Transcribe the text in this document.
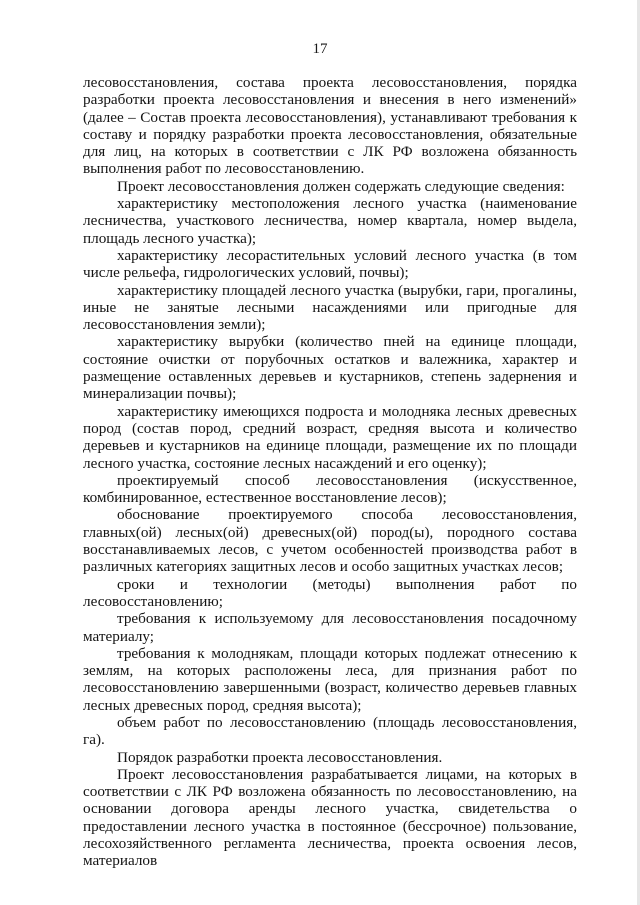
17

лесовосстановления, состава проекта лесовосстановления, порядка разработки проекта лесовосстановления и внесения в него изменений» (далее – Состав проекта лесовосстановления), устанавливают требования к составу и порядку разработки проекта лесовосстановления, обязательные для лиц, на которых в соответствии с ЛК РФ возложена обязанность выполнения работ по лесовосстановлению.

Проект лесовосстановления должен содержать следующие сведения:

характеристику местоположения лесного участка (наименование лесничества, участкового лесничества, номер квартала, номер выдела, площадь лесного участка);

характеристику лесорастительных условий лесного участка (в том числе рельефа, гидрологических условий, почвы);

характеристику площадей лесного участка (вырубки, гари, прогалины, иные не занятые лесными насаждениями или пригодные для лесовосстановления земли);

характеристику вырубки (количество пней на единице площади, состояние очистки от порубочных остатков и валежника, характер и размещение оставленных деревьев и кустарников, степень задернения и минерализации почвы);

характеристику имеющихся подроста и молодняка лесных древесных пород (состав пород, средний возраст, средняя высота и количество деревьев и кустарников на единице площади, размещение их по площади лесного участка, состояние лесных насаждений и его оценку);

проектируемый способ лесовосстановления (искусственное, комбинированное, естественное восстановление лесов);

обоснование проектируемого способа лесовосстановления, главных(ой) лесных(ой) древесных(ой) пород(ы), породного состава восстанавливаемых лесов, с учетом особенностей производства работ в различных категориях защитных лесов и особо защитных участках лесов;

сроки и технологии (методы) выполнения работ по лесовосстановлению;

требования к используемому для лесовосстановления посадочному материалу;

требования к молоднякам, площади которых подлежат отнесению к землям, на которых расположены леса, для признания работ по лесовосстановлению завершенными (возраст, количество деревьев главных лесных древесных пород, средняя высота);

объем работ по лесовосстановлению (площадь лесовосстановления, га).

Порядок разработки проекта лесовосстановления.

Проект лесовосстановления разрабатывается лицами, на которых в соответствии с ЛК РФ возложена обязанность по лесовосстановлению, на основании договора аренды лесного участка, свидетельства о предоставлении лесного участка в постоянное (бессрочное) пользование, лесохозяйственного регламента лесничества, проекта освоения лесов, материалов
